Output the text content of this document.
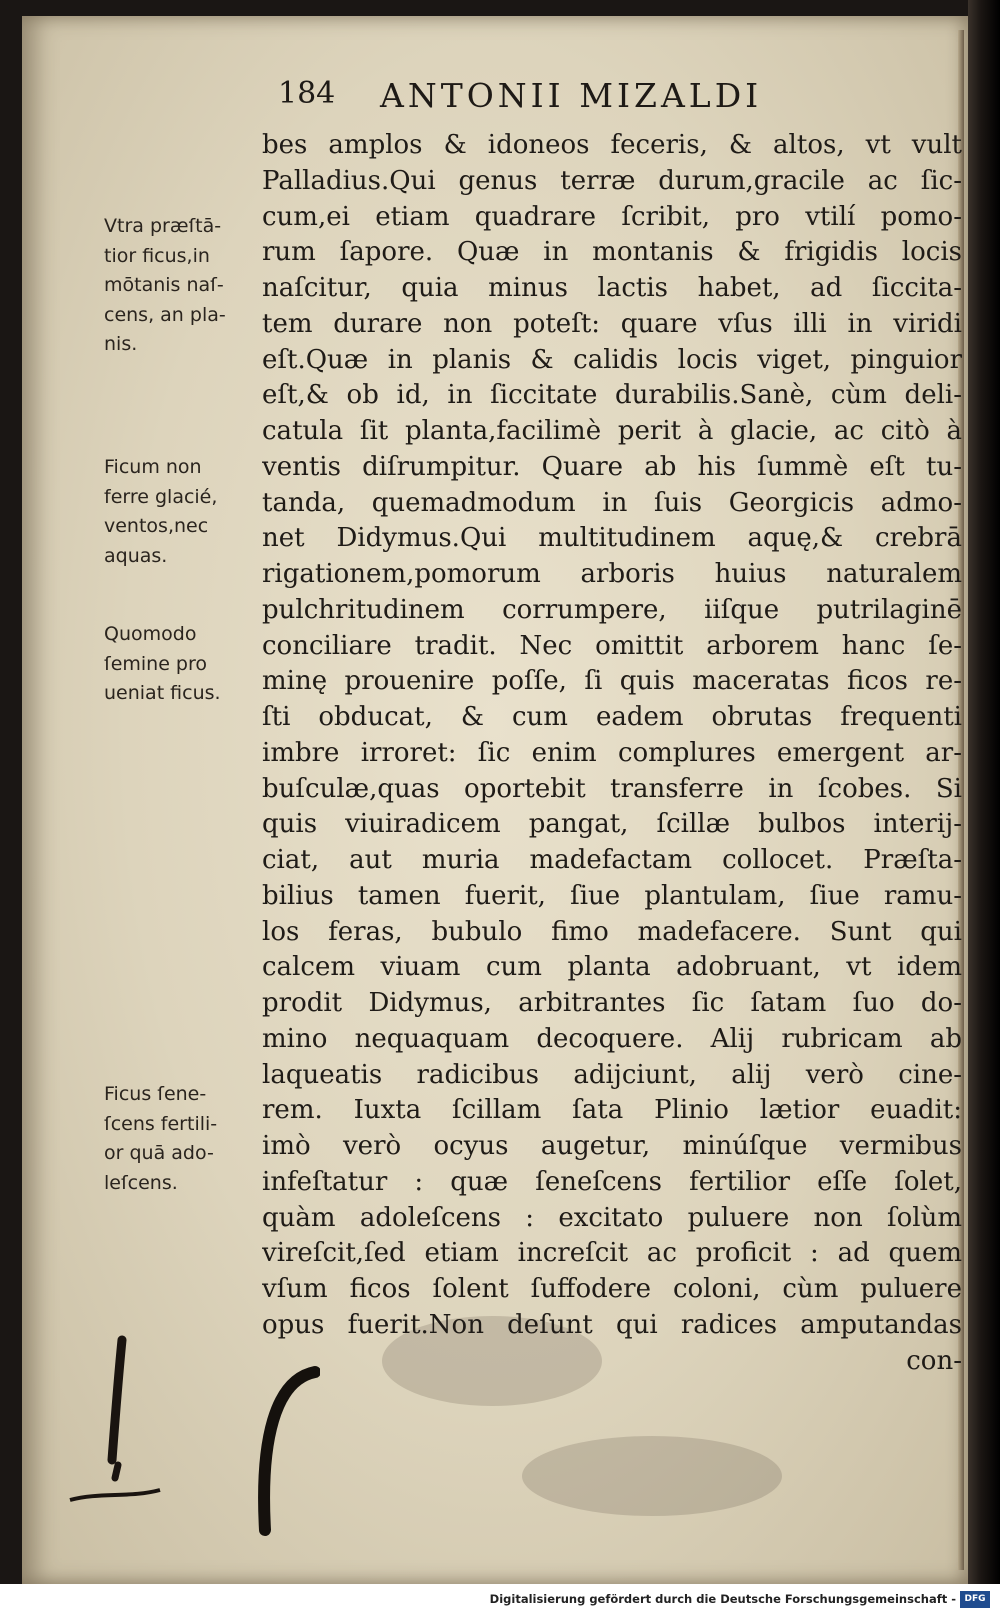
184 ANTONII MIZALDI
bes amplos & idoneos feceris, & altos, vt vult
Palladius.Qui genus terræ durum,gracile ac ſic-
cum,ei etiam quadrare ſcribit, pro vtilí pomo-
rum ſapore. Quæ in montanis & frigidis locis
naſcitur, quia minus lactis habet, ad ſiccita-
tem durare non poteſt: quare vſus illi in viridi
eſt.Quæ in planis & calidis locis viget, pinguior
eſt,& ob id, in ſiccitate durabilis.Sanè, cùm deli-
catula ſit planta,facilimè perit à glacie, ac citò à
ventis diſrumpitur. Quare ab his ſummè eſt tu-
tanda, quemadmodum in ſuis Georgicis admo-
net Didymus.Qui multitudinem aquę,& crebrā
rigationem,pomorum arboris huius naturalem
pulchritudinem corrumpere, iiſque putrilaginē
conciliare tradit. Nec omittit arborem hanc ſe-
minę prouenire poſſe, ſi quis maceratas ficos re-
ſti obducat, & cum eadem obrutas frequenti
imbre irroret: ſic enim complures emergent ar-
buſculæ,quas oportebit transferre in ſcobes. Si
quis viuiradicem pangat, ſcillæ bulbos interij-
ciat, aut muria madefactam collocet. Præſta-
bilius tamen fuerit, ſiue plantulam, ſiue ramu-
los feras, bubulo fimo madefacere. Sunt qui
calcem viuam cum planta adobruant, vt idem
prodit Didymus, arbitrantes ſic ſatam ſuo do-
mino nequaquam decoquere. Alij rubricam ab
laqueatis radicibus adijciunt, alij verò cine-
rem. Iuxta ſcillam ſata Plinio lætior euadit:
imò verò ocyus augetur, minúſque vermibus
infeſtatur : quæ ſeneſcens fertilior eſſe ſolet,
quàm adoleſcens : excitato puluere non ſolùm
vireſcit,ſed etiam increſcit ac proficit : ad quem
vſum ficos ſolent ſuffodere coloni, cùm puluere
opus fuerit.Non deſunt qui radices amputandas
con-
Vtra præſtā-
tior ficus,in
mōtanis naſ-
cens, an pla-
nis.
Ficum non
ferre glacié,
ventos,nec
aquas.
Quomodo
ſemine pro
ueniat ficus.
Ficus ſene-
ſcens fertili-
or quā ado-
leſcens.
Digitalisierung gefördert durch die Deutsche Forschungsgemeinschaft - DFG
